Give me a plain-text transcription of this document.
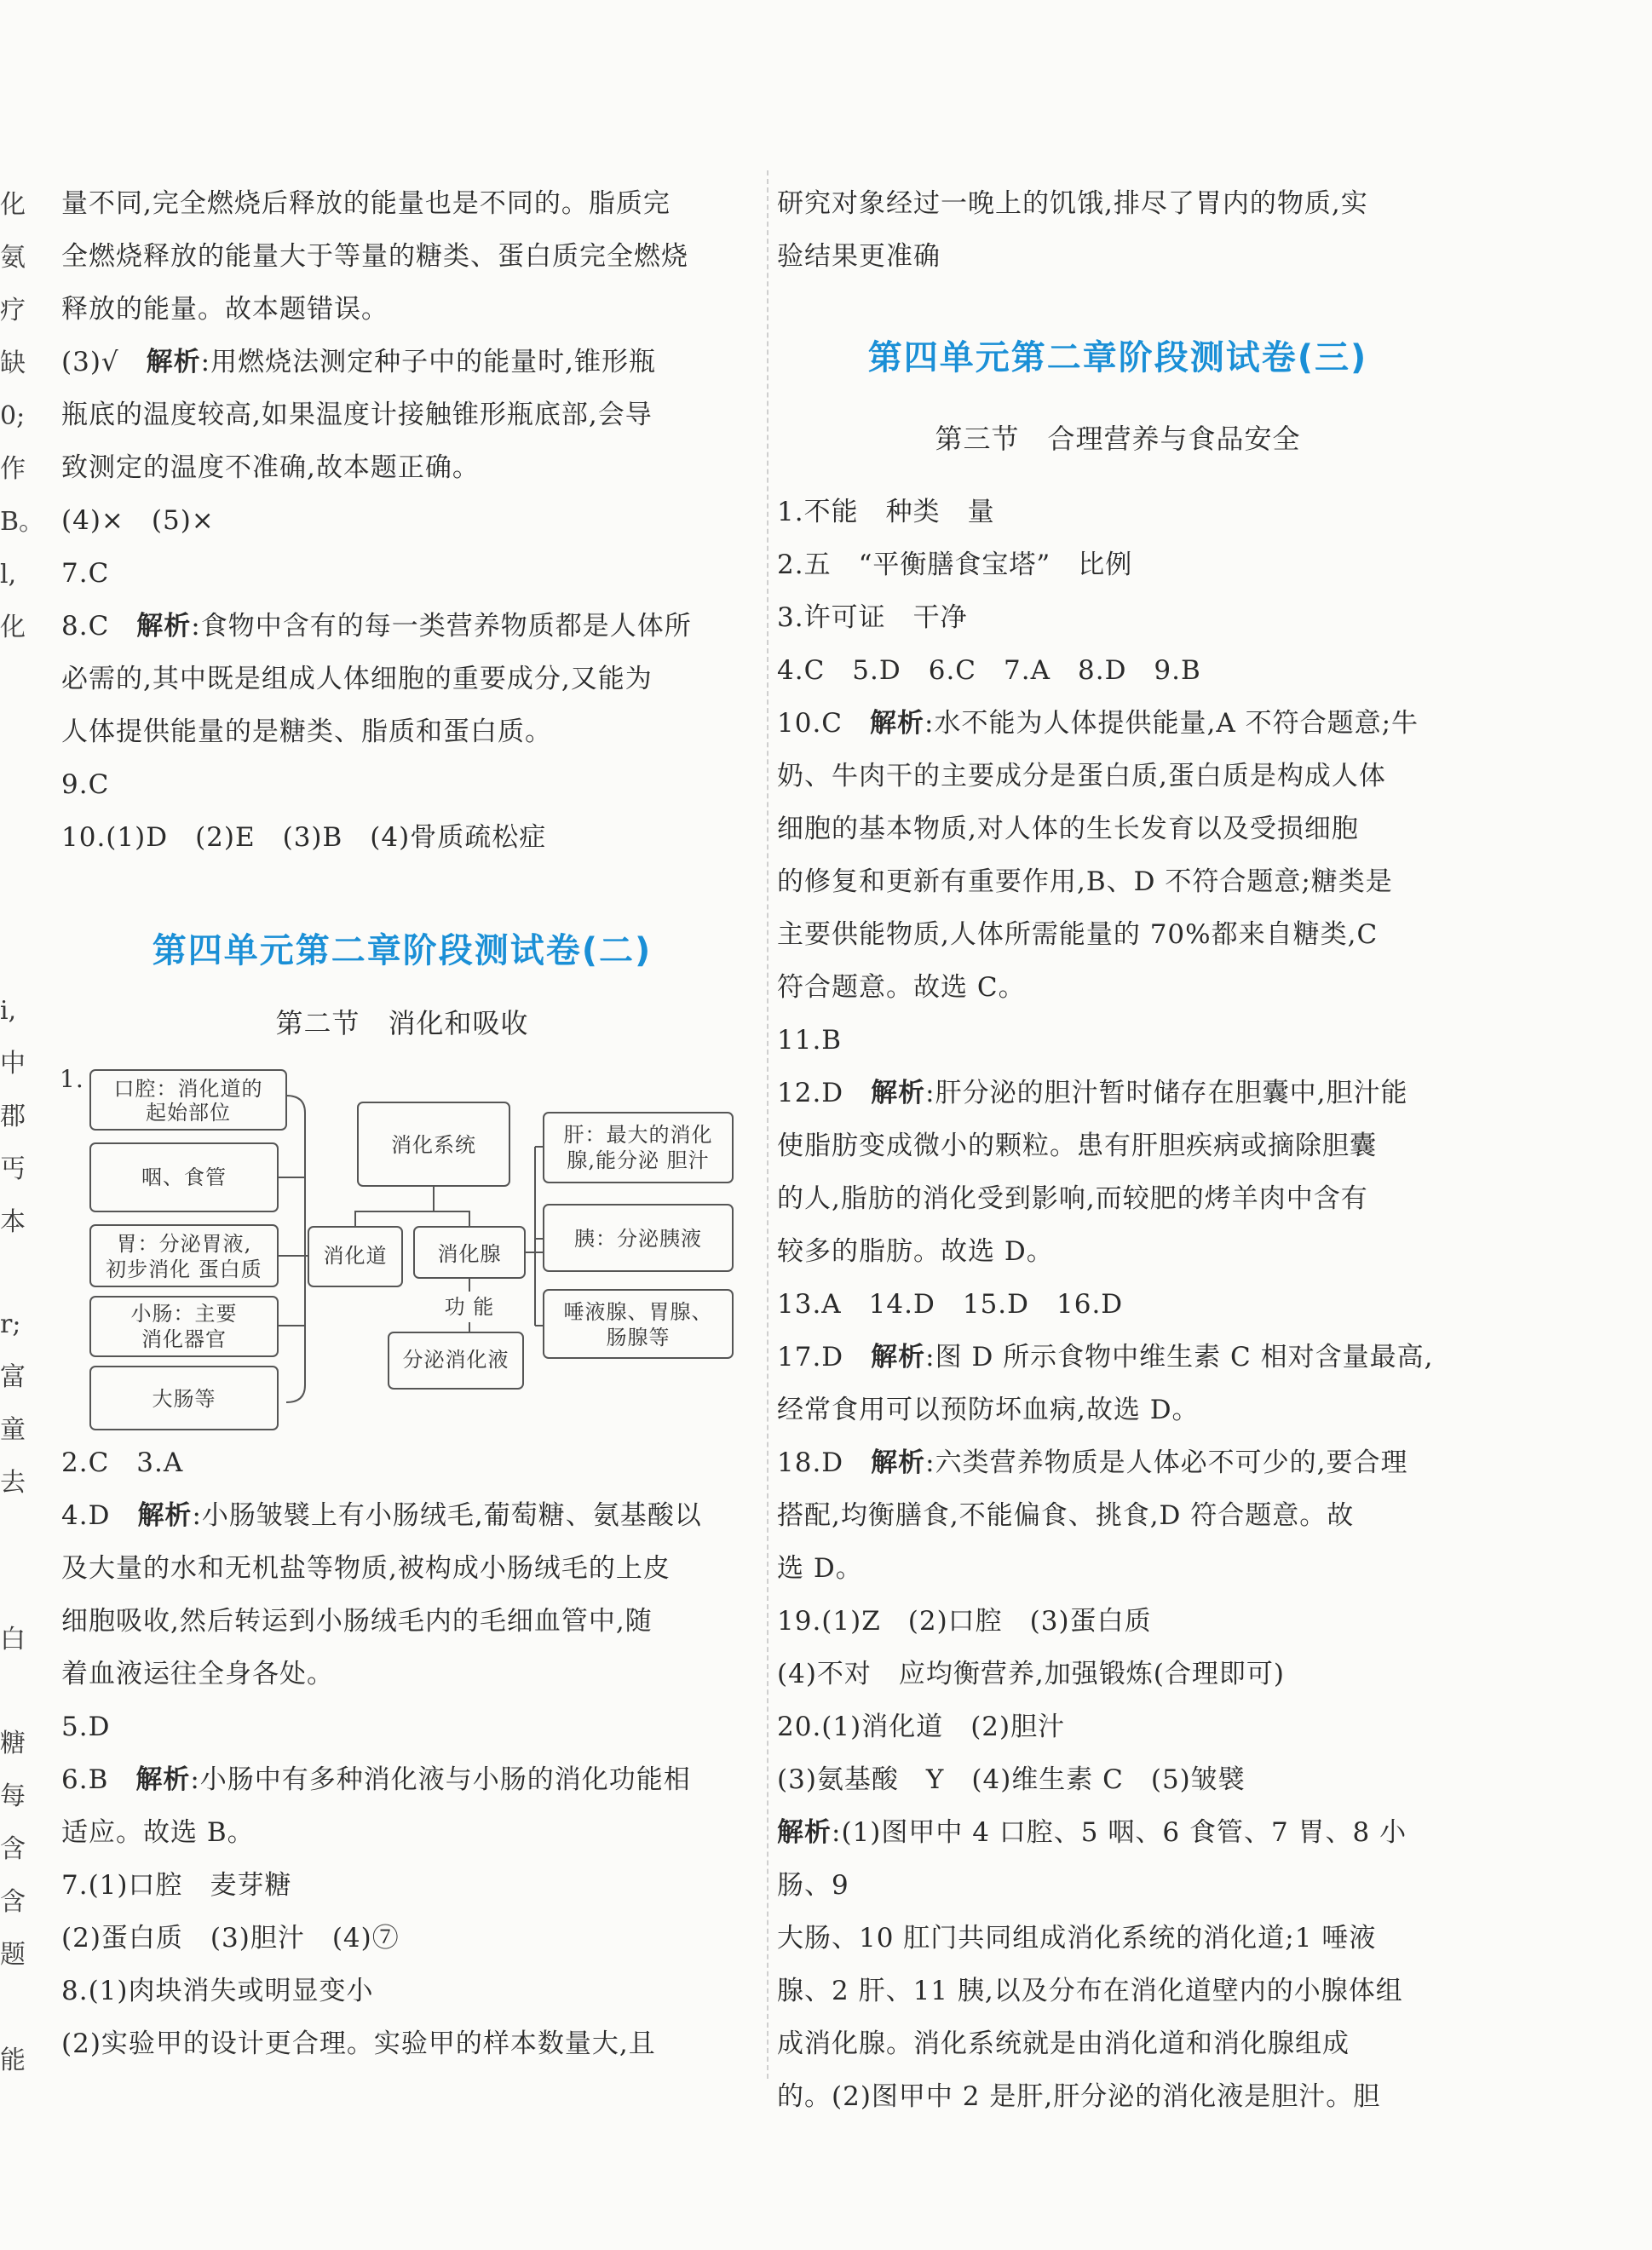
化
氨
疗
缺
0;
作
B。
l,
化
i,
中
郡
丐
本
r;
富
童
去
白
糖
每
含
含
题
能

量不同,完全燃烧后释放的能量也是不同的。脂质完

全燃烧释放的能量大于等量的糖类、蛋白质完全燃烧

释放的能量。故本题错误。

(3)√　 解析:用燃烧法测定种子中的能量时,锥形瓶

瓶底的温度较高,如果温度计接触锥形瓶底部,会导

致测定的温度不准确,故本题正确。

(4)×　(5)×

7.C

8.C　 解析:食物中含有的每一类营养物质都是人体所

必需的,其中既是组成人体细胞的重要成分,又能为

人体提供能量的是糖类、脂质和蛋白质。

9.C

10.(1)D　(2)E　(3)B　(4)骨质疏松症

第四单元第二章阶段测试卷(二)

第二节　消化和吸收

1. 口腔：消化道的
起始部位
咽、食管
胃：分泌胃液,
初步消化 蛋白质
小肠：主要
消化器官
大肠等
消化系统
消化道 消化腺
功 能
分泌消化液
肝：最大的消化
腺,能分泌 胆汁
胰：分泌胰液
唾液腺、胃腺、
肠腺等

2.C　3.A

4.D　 解析:小肠皱襞上有小肠绒毛,葡萄糖、氨基酸以

及大量的水和无机盐等物质,被构成小肠绒毛的上皮

细胞吸收,然后转运到小肠绒毛内的毛细血管中,随

着血液运往全身各处。

5.D

6.B　 解析:小肠中有多种消化液与小肠的消化功能相

适应。故选 B。

7.(1)口腔　麦芽糖

(2)蛋白质　(3)胆汁　(4)⑦

8.(1)肉块消失或明显变小

(2)实验甲的设计更合理。实验甲的样本数量大,且

研究对象经过一晚上的饥饿,排尽了胃内的物质,实

验结果更准确

第四单元第二章阶段测试卷(三)

第三节　合理营养与食品安全

1.不能　种类　量

2.五　“平衡膳食宝塔”　比例

3.许可证　干净

4.C　5.D　6.C　7.A　8.D　9.B

10.C　 解析:水不能为人体提供能量,A 不符合题意;牛

奶、牛肉干的主要成分是蛋白质,蛋白质是构成人体

细胞的基本物质,对人体的生长发育以及受损细胞

的修复和更新有重要作用,B、D 不符合题意;糖类是

主要供能物质,人体所需能量的 70%都来自糖类,C

符合题意。故选 C。

11.B

12.D　 解析:肝分泌的胆汁暂时储存在胆囊中,胆汁能

使脂肪变成微小的颗粒。患有肝胆疾病或摘除胆囊

的人,脂肪的消化受到影响,而较肥的烤羊肉中含有

较多的脂肪。故选 D。

13.A　14.D　15.D　16.D

17.D　 解析:图 D 所示食物中维生素 C 相对含量最高,

经常食用可以预防坏血病,故选 D。

18.D　 解析:六类营养物质是人体必不可少的,要合理

搭配,均衡膳食,不能偏食、挑食,D 符合题意。故

选 D。

19.(1)Z　(2)口腔　(3)蛋白质

(4)不对　应均衡营养,加强锻炼(合理即可)

20.(1)消化道　(2)胆汁

(3)氨基酸　Y　(4)维生素 C　(5)皱襞

解析:(1)图甲中 4 口腔、5 咽、6 食管、7 胃、8 小肠、9

大肠、10 肛门共同组成消化系统的消化道;1 唾液

腺、2 肝、11 胰,以及分布在消化道壁内的小腺体组

成消化腺。消化系统就是由消化道和消化腺组成

的。(2)图甲中 2 是肝,肝分泌的消化液是胆汁。胆
